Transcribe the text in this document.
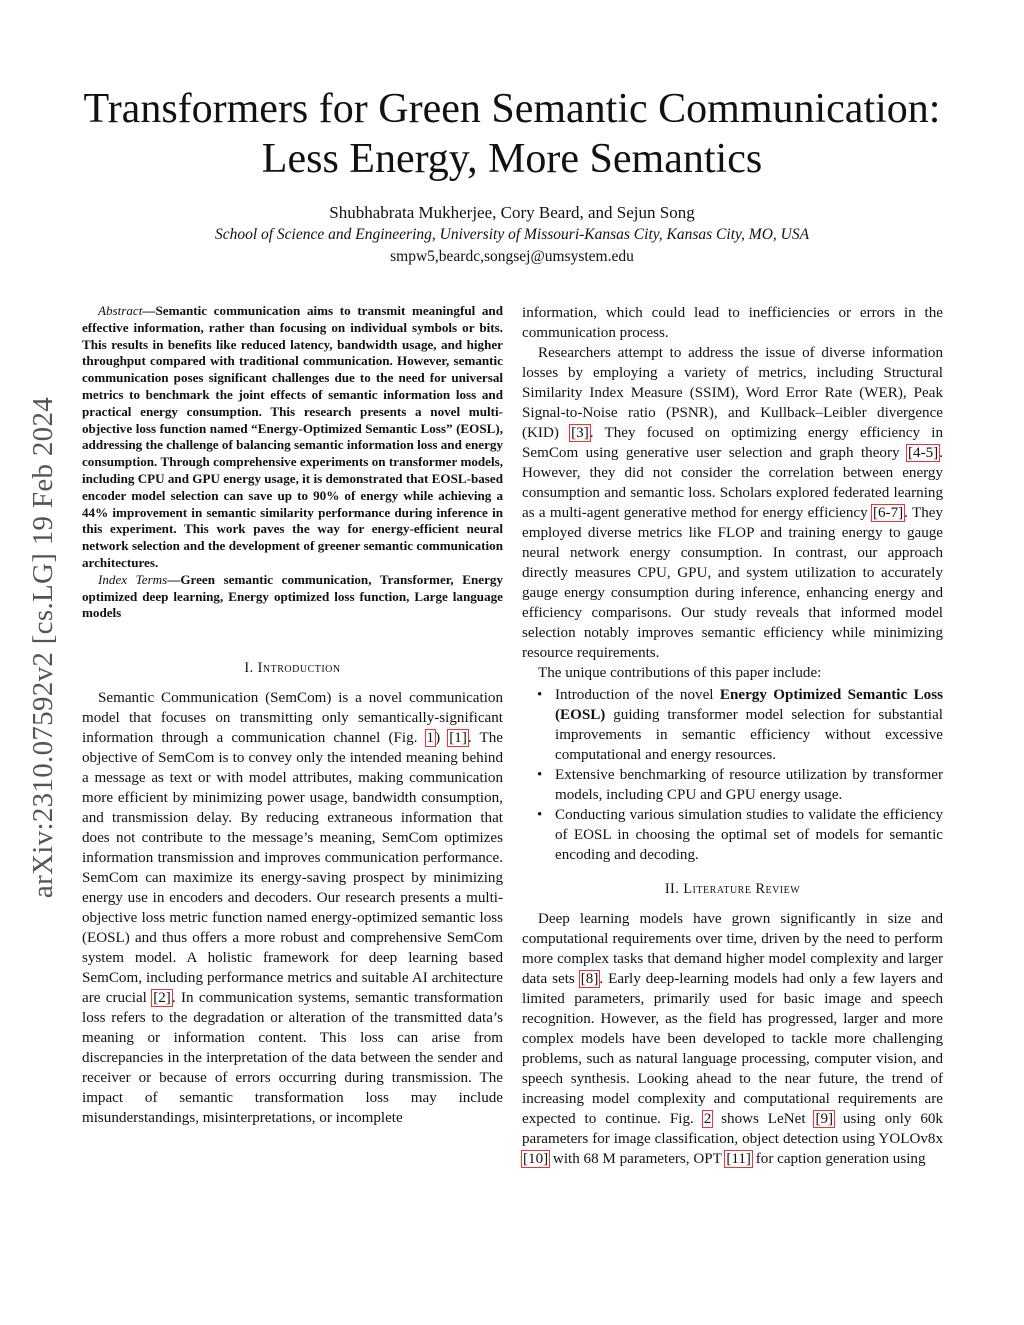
arXiv:2310.07592v2 [cs.LG] 19 Feb 2024
Transformers for Green Semantic Communication:
Less Energy, More Semantics
Shubhabrata Mukherjee, Cory Beard, and Sejun Song
School of Science and Engineering, University of Missouri-Kansas City, Kansas City, MO, USA
smpw5,beardc,songsej@umsystem.edu

Abstract—Semantic communication aims to transmit meaningful and effective information, rather than focusing on individual symbols or bits. This results in benefits like reduced latency, bandwidth usage, and higher throughput compared with traditional communication. However, semantic communication poses significant challenges due to the need for universal metrics to benchmark the joint effects of semantic information loss and practical energy consumption. This research presents a novel multi-objective loss function named “Energy-Optimized Semantic Loss” (EOSL), addressing the challenge of balancing semantic information loss and energy consumption. Through comprehensive experiments on transformer models, including CPU and GPU energy usage, it is demonstrated that EOSL-based encoder model selection can save up to 90% of energy while achieving a 44% improvement in semantic similarity performance during inference in this experiment. This work paves the way for energy-efficient neural network selection and the development of greener semantic communication architectures.

Index Terms—Green semantic communication, Transformer, Energy optimized deep learning, Energy optimized loss function, Large language models

I. Introduction

Semantic Communication (SemCom) is a novel communication model that focuses on transmitting only semantically-significant information through a communication channel (Fig. 1) [1]. The objective of SemCom is to convey only the intended meaning behind a message as text or with model attributes, making communication more efficient by minimizing power usage, bandwidth consumption, and transmission delay. By reducing extraneous information that does not contribute to the message’s meaning, SemCom optimizes information transmission and improves communication performance. SemCom can maximize its energy-saving prospect by minimizing energy use in encoders and decoders. Our research presents a multi-objective loss metric function named energy-optimized semantic loss (EOSL) and thus offers a more robust and comprehensive SemCom system model. A holistic framework for deep learning based SemCom, including performance metrics and suitable AI architecture are crucial [2]. In communication systems, semantic transformation loss refers to the degradation or alteration of the transmitted data’s meaning or information content. This loss can arise from discrepancies in the interpretation of the data between the sender and receiver or because of errors occurring during transmission. The impact of semantic transformation loss may include misunderstandings, misinterpretations, or incomplete

information, which could lead to inefficiencies or errors in the communication process.

Researchers attempt to address the issue of diverse information losses by employing a variety of metrics, including Structural Similarity Index Measure (SSIM), Word Error Rate (WER), Peak Signal-to-Noise ratio (PSNR), and Kullback–Leibler divergence (KID) [3]. They focused on optimizing energy efficiency in SemCom using generative user selection and graph theory [4-5]. However, they did not consider the correlation between energy consumption and semantic loss. Scholars explored federated learning as a multi-agent generative method for energy efficiency [6-7]. They employed diverse metrics like FLOP and training energy to gauge neural network energy consumption. In contrast, our approach directly measures CPU, GPU, and system utilization to accurately gauge energy consumption during inference, enhancing energy and efficiency comparisons. Our study reveals that informed model selection notably improves semantic efficiency while minimizing resource requirements.

The unique contributions of this paper include:

• Introduction of the novel Energy Optimized Semantic Loss (EOSL) guiding transformer model selection for substantial improvements in semantic efficiency without excessive computational and energy resources.
• Extensive benchmarking of resource utilization by transformer models, including CPU and GPU energy usage.
• Conducting various simulation studies to validate the efficiency of EOSL in choosing the optimal set of models for semantic encoding and decoding.
II. Literature Review

Deep learning models have grown significantly in size and computational requirements over time, driven by the need to perform more complex tasks that demand higher model complexity and larger data sets [8]. Early deep-learning models had only a few layers and limited parameters, primarily used for basic image and speech recognition. However, as the field has progressed, larger and more complex models have been developed to tackle more challenging problems, such as natural language processing, computer vision, and speech synthesis. Looking ahead to the near future, the trend of increasing model complexity and computational requirements are expected to continue. Fig. 2 shows LeNet [9] using only 60k parameters for image classification, object detection using YOLOv8x [10] with 68 M parameters, OPT [11] for caption generation using
